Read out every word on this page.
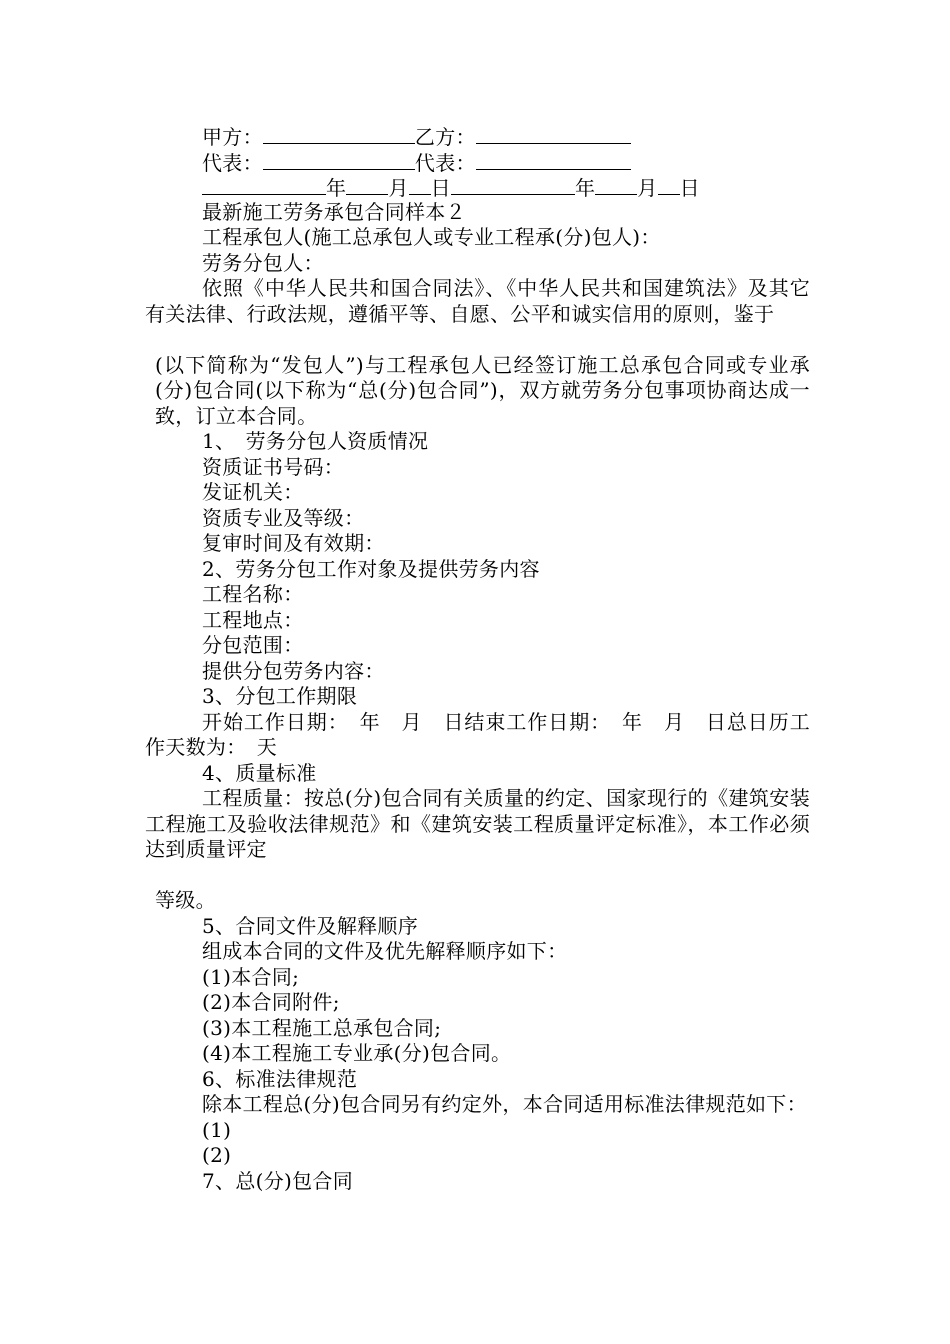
甲方：	乙方：
代表：	代表：
年 月 日	年 月 日
最新施工劳务承包合同样本２
工程承包人(施工总承包人或专业工程承(分)包人)：
劳务分包人：
依照《中华人民共和国合同法》、《中华人民共和国建筑法》及其它有关法律、行政法规，遵循平等、自愿、公平和诚实信用的原则，鉴于
(以下简称为“发包人”)与工程承包人已经签订施工总承包合同或专业承(分)包合同(以下称为“总(分)包合同”)，双方就劳务分包事项协商达成一致，订立本合同。
1、　劳务分包人资质情况
资质证书号码：
发证机关：
资质专业及等级：
复审时间及有效期：
2、劳务分包工作对象及提供劳务内容
工程名称：
工程地点：
分包范围：
提供分包劳务内容：
3、分包工作期限
开始工作日期：　年　月　日结束工作日期：　年　月　日总日历工作天数为：　天
4、质量标准
工程质量：按总(分)包合同有关质量的约定、国家现行的《建筑安装工程施工及验收法律规范》和《建筑安装工程质量评定标准》，本工作必须达到质量评定
等级。
5、合同文件及解释顺序
组成本合同的文件及优先解释顺序如下：
(1)本合同;
(2)本合同附件;
(3)本工程施工总承包合同;
(4)本工程施工专业承(分)包合同。
6、标准法律规范
除本工程总(分)包合同另有约定外，本合同适用标准法律规范如下：
(1)
(2)
7、总(分)包合同
